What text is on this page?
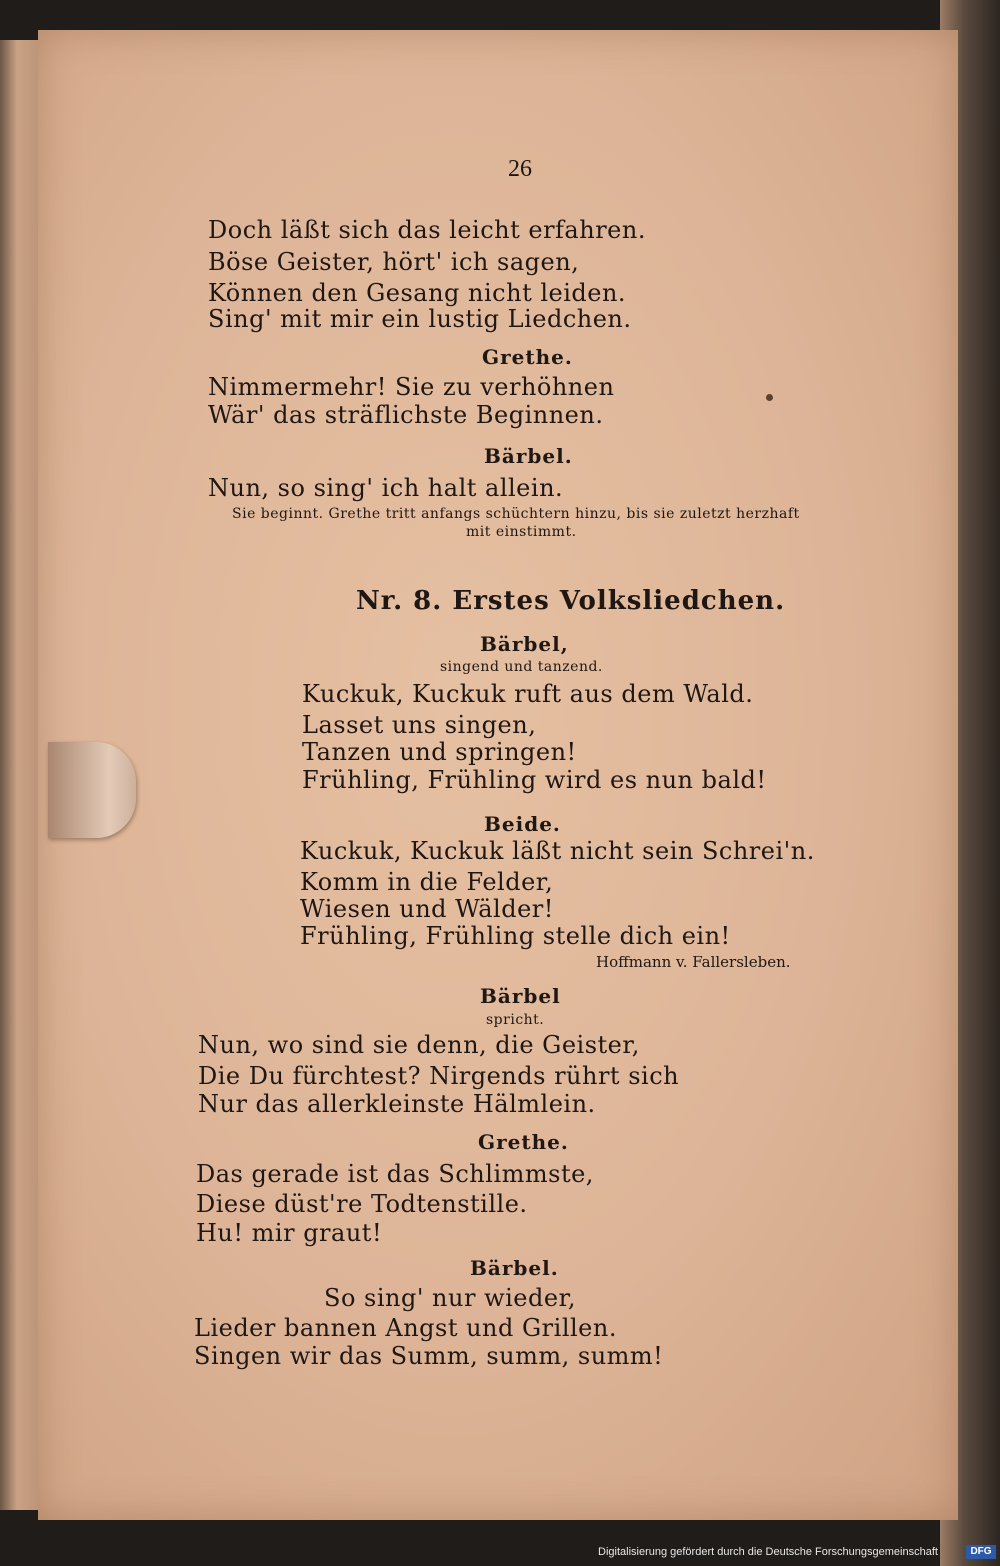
26
Doch läßt sich das leicht erfahren.
Böse Geister, hört' ich sagen,
Können den Gesang nicht leiden.
Sing' mit mir ein lustig Liedchen.
Grethe.
Nimmermehr! Sie zu verhöhnen
Wär' das sträflichste Beginnen.
Bärbel.
Nun, so sing' ich halt allein.
Sie beginnt. Grethe tritt anfangs schüchtern hinzu, bis sie zuletzt herzhaft
mit einstimmt.
Nr. 8. Erstes Volksliedchen.
Bärbel,
singend und tanzend.
Kuckuk, Kuckuk ruft aus dem Wald.
Lasset uns singen,
Tanzen und springen!
Frühling, Frühling wird es nun bald!
Beide.
Kuckuk, Kuckuk läßt nicht sein Schrei'n.
Komm in die Felder,
Wiesen und Wälder!
Frühling, Frühling stelle dich ein!
Hoffmann v. Fallersleben.
Bärbel
spricht.
Nun, wo sind sie denn, die Geister,
Die Du fürchtest? Nirgends rührt sich
Nur das allerkleinste Hälmlein.
Grethe.
Das gerade ist das Schlimmste,
Diese düst're Todtenstille.
Hu! mir graut!
Bärbel.
So sing' nur wieder,
Lieder bannen Angst und Grillen.
Singen wir das Summ, summ, summ!
Digitalisierung gefördert durch die Deutsche Forschungsgemeinschaft	DFG
